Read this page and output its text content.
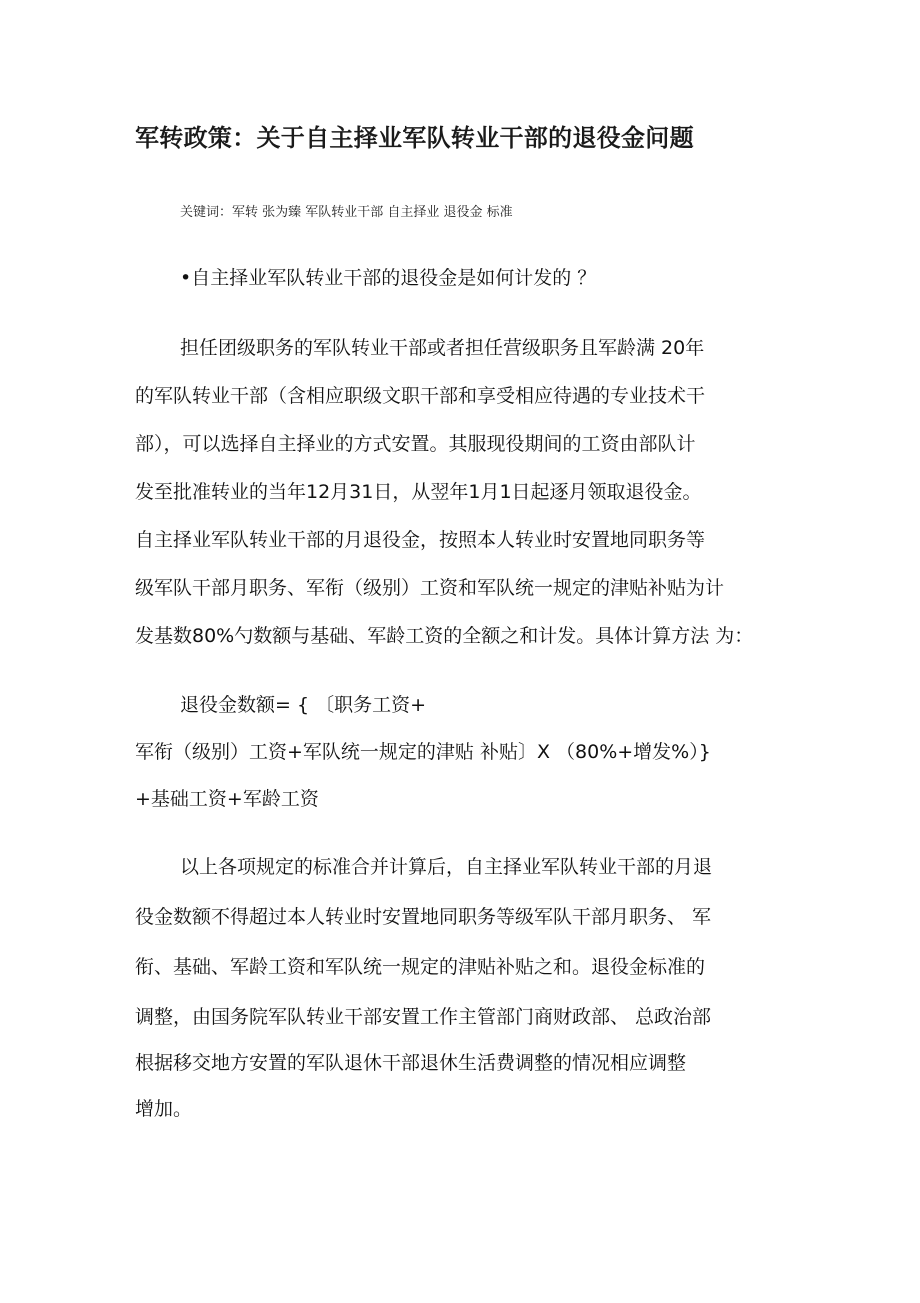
军转政策：关于自主择业军队转业干部的退役金问题

关键词：军转 张为臻 军队转业干部 自主择业 退役金 标准

•自主择业军队转业干部的退役金是如何计发的 ？

担任团级职务的军队转业干部或者担任营级职务且军龄满 20年

的军队转业干部（含相应职级文职干部和享受相应待遇的专业技术干

部），可以选择自主择业的方式安置。其服现役期间的工资由部队计

发至批准转业的当年12月31日，从翌年1月1日起逐月领取退役金。

自主择业军队转业干部的月退役金，按照本人转业时安置地同职务等

级军队干部月职务、军衔（级别）工资和军队统一规定的津贴补贴为计

发基数80%勺数额与基础、军龄工资的全额之和计发。具体计算方法 为：

退役金数额= { 〔职务工资+

军衔（级别）工资+军队统一规定的津贴 补贴〕X （80%+增发%）}

+基础工资+军龄工资

以上各项规定的标准合并计算后，自主择业军队转业干部的月退

役金数额不得超过本人转业时安置地同职务等级军队干部月职务、 军

衔、基础、军龄工资和军队统一规定的津贴补贴之和。退役金标准的

调整，由国务院军队转业干部安置工作主管部门商财政部、 总政治部

根据移交地方安置的军队退休干部退休生活费调整的情况相应调整

增加。
